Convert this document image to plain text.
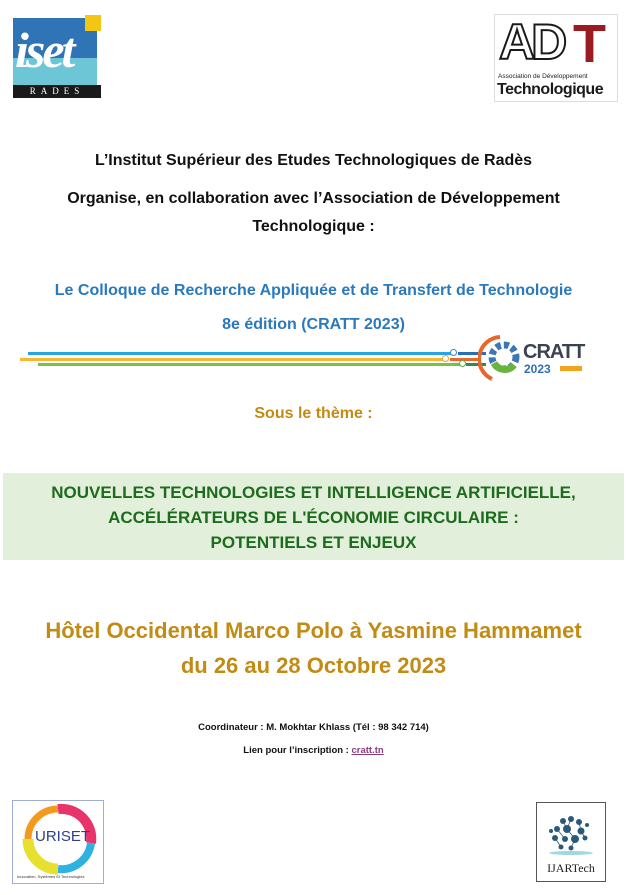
iset
RADES
AD T
Association de Développement
Technologique
L’Institut Supérieur des Etudes Technologiques de Radès
Organise, en collaboration avec l’Association de Développement
Technologique :
Le Colloque de Recherche Appliquée et de Transfert de Technologie
8e édition (CRATT 2023)
CRATT
2023
Sous le thème :
NOUVELLES TECHNOLOGIES ET INTELLIGENCE ARTIFICIELLE,
ACCÉLÉRATEURS DE L'ÉCONOMIE CIRCULAIRE :
POTENTIELS ET ENJEUX
Hôtel Occidental Marco Polo à Yasmine Hammamet
du 26 au 28 Octobre 2023
Coordinateur : M. Mokhtar Khlass (Tél : 98 342 714)
Lien pour l’inscription : cratt.tn
URISET
Innovation, Systèmes Et Technologies
IJARTech
